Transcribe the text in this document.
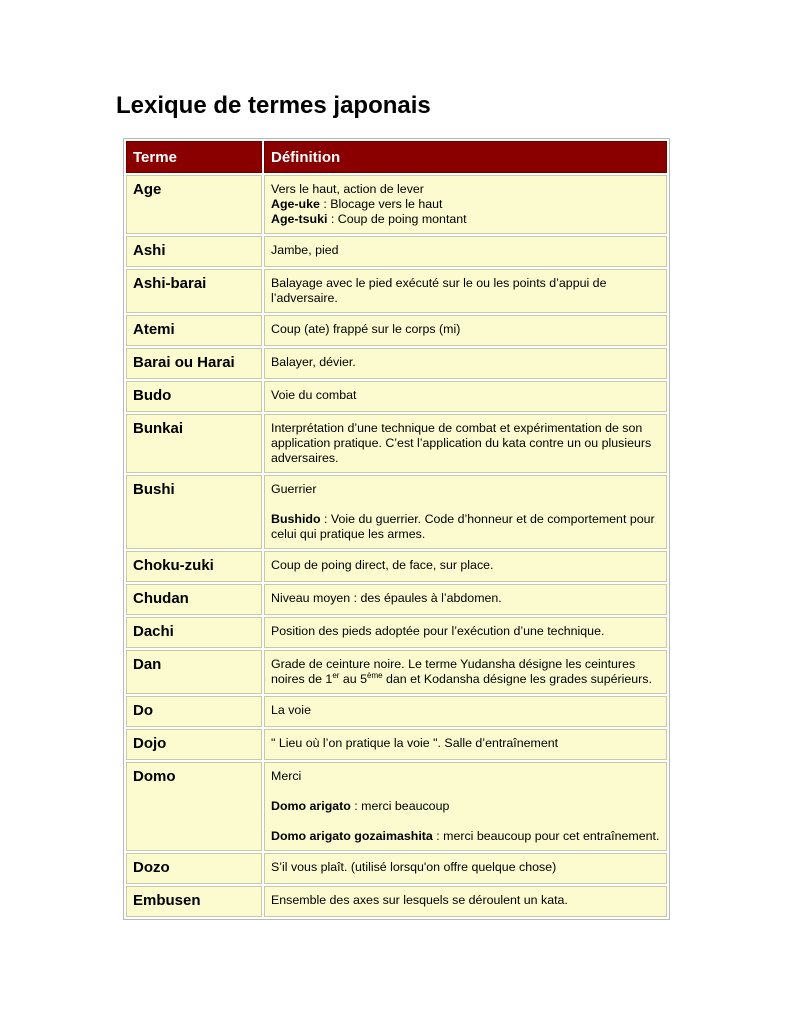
Lexique de termes japonais
Terme	Définition
Age	Vers le haut, action de lever
Age-uke : Blocage vers le haut
Age-tsuki : Coup de poing montant

Ashi	Jambe, pied

Ashi-barai	Balayage avec le pied exécuté sur le ou les points d’appui de l’adversaire.

Atemi	Coup (ate) frappé sur le corps (mi)

Barai ou Harai	Balayer, dévier.

Budo	Voie du combat

Bunkai	Interprétation d’une technique de combat et expérimentation de son application pratique. C’est l’application du kata contre un ou plusieurs adversaires.

Bushi	Guerrier
Bushido : Voie du guerrier. Code d’honneur et de comportement pour celui qui pratique les armes.

Choku-zuki	Coup de poing direct, de face, sur place.

Chudan	Niveau moyen : des épaules à l’abdomen.

Dachi	Position des pieds adoptée pour l’exécution d’une technique.

Dan	Grade de ceinture noire. Le terme Yudansha désigne les ceintures noires de 1er au 5ème dan et Kodansha désigne les grades supérieurs.

Do	La voie

Dojo	" Lieu où l’on pratique la voie ". Salle d’entraînement

Domo	Merci
Domo arigato : merci beaucoup
Domo arigato gozaimashita : merci beaucoup pour cet entraînement.

Dozo	S’il vous plaît. (utilisé lorsqu'on offre quelque chose)

Embusen	Ensemble des axes sur lesquels se déroulent un kata.
